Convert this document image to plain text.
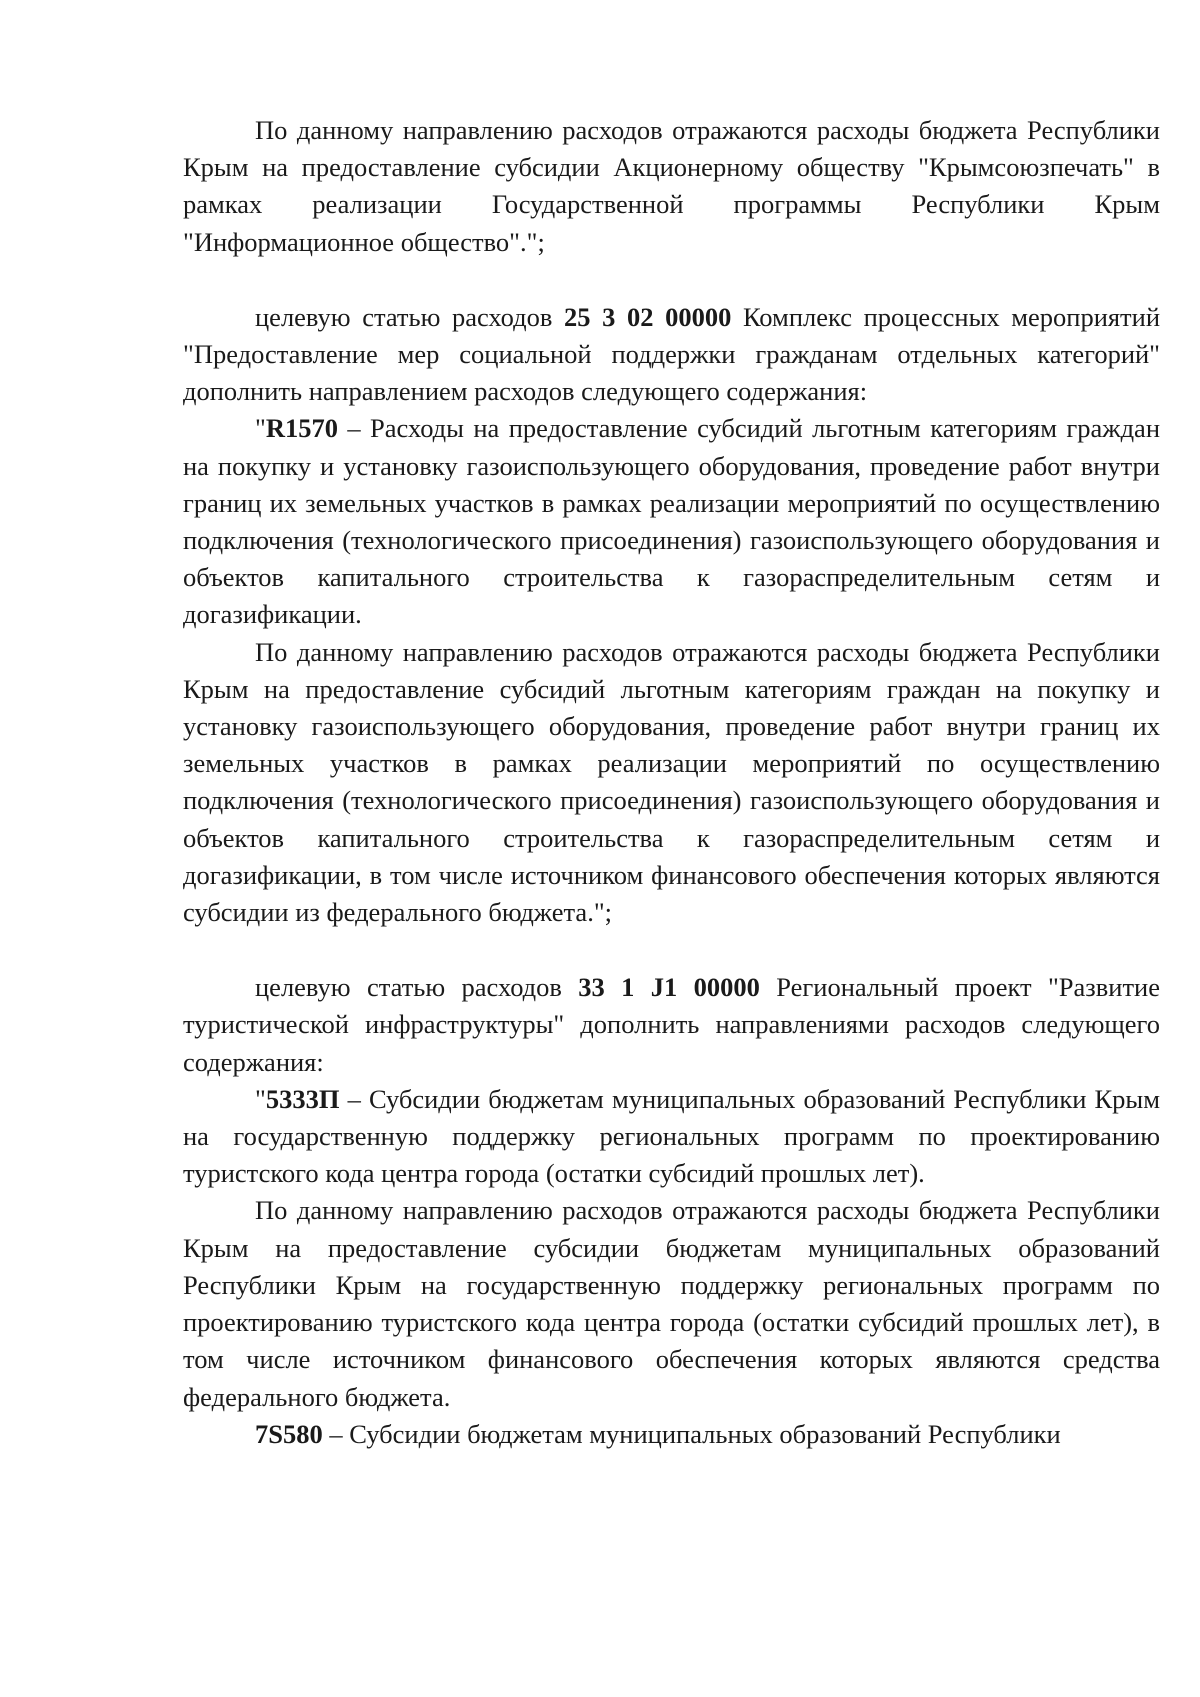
По данному направлению расходов отражаются расходы бюджета Республики Крым на предоставление субсидии Акционерному обществу "Крымсоюзпечать" в рамках реализации Государственной программы Республики Крым "Информационное общество".";

целевую статью расходов 25 3 02 00000 Комплекс процессных мероприятий "Предоставление мер социальной поддержки гражданам отдельных категорий" дополнить направлением расходов следующего содержания:

"R1570 – Расходы на предоставление субсидий льготным категориям граждан на покупку и установку газоиспользующего оборудования, проведение работ внутри границ их земельных участков в рамках реализации мероприятий по осуществлению подключения (технологического присоединения) газоиспользующего оборудования и объектов капитального строительства к газораспределительным сетям и догазификации.

По данному направлению расходов отражаются расходы бюджета Республики Крым на предоставление субсидий льготным категориям граждан на покупку и установку газоиспользующего оборудования, проведение работ внутри границ их земельных участков в рамках реализации мероприятий по осуществлению подключения (технологического присоединения) газоиспользующего оборудования и объектов капитального строительства к газораспределительным сетям и догазификации, в том числе источником финансового обеспечения которых являются субсидии из федерального бюджета.";

целевую статью расходов 33 1 J1 00000 Региональный проект "Развитие туристической инфраструктуры" дополнить направлениями расходов следующего содержания:

"5333П – Субсидии бюджетам муниципальных образований Республики Крым на государственную поддержку региональных программ по проектированию туристского кода центра города (остатки субсидий прошлых лет).

По данному направлению расходов отражаются расходы бюджета Республики Крым на предоставление субсидии бюджетам муниципальных образований Республики Крым на государственную поддержку региональных программ по проектированию туристского кода центра города (остатки субсидий прошлых лет), в том числе источником финансового обеспечения которых являются средства федерального бюджета.

7S580 – Субсидии бюджетам муниципальных образований Республики
